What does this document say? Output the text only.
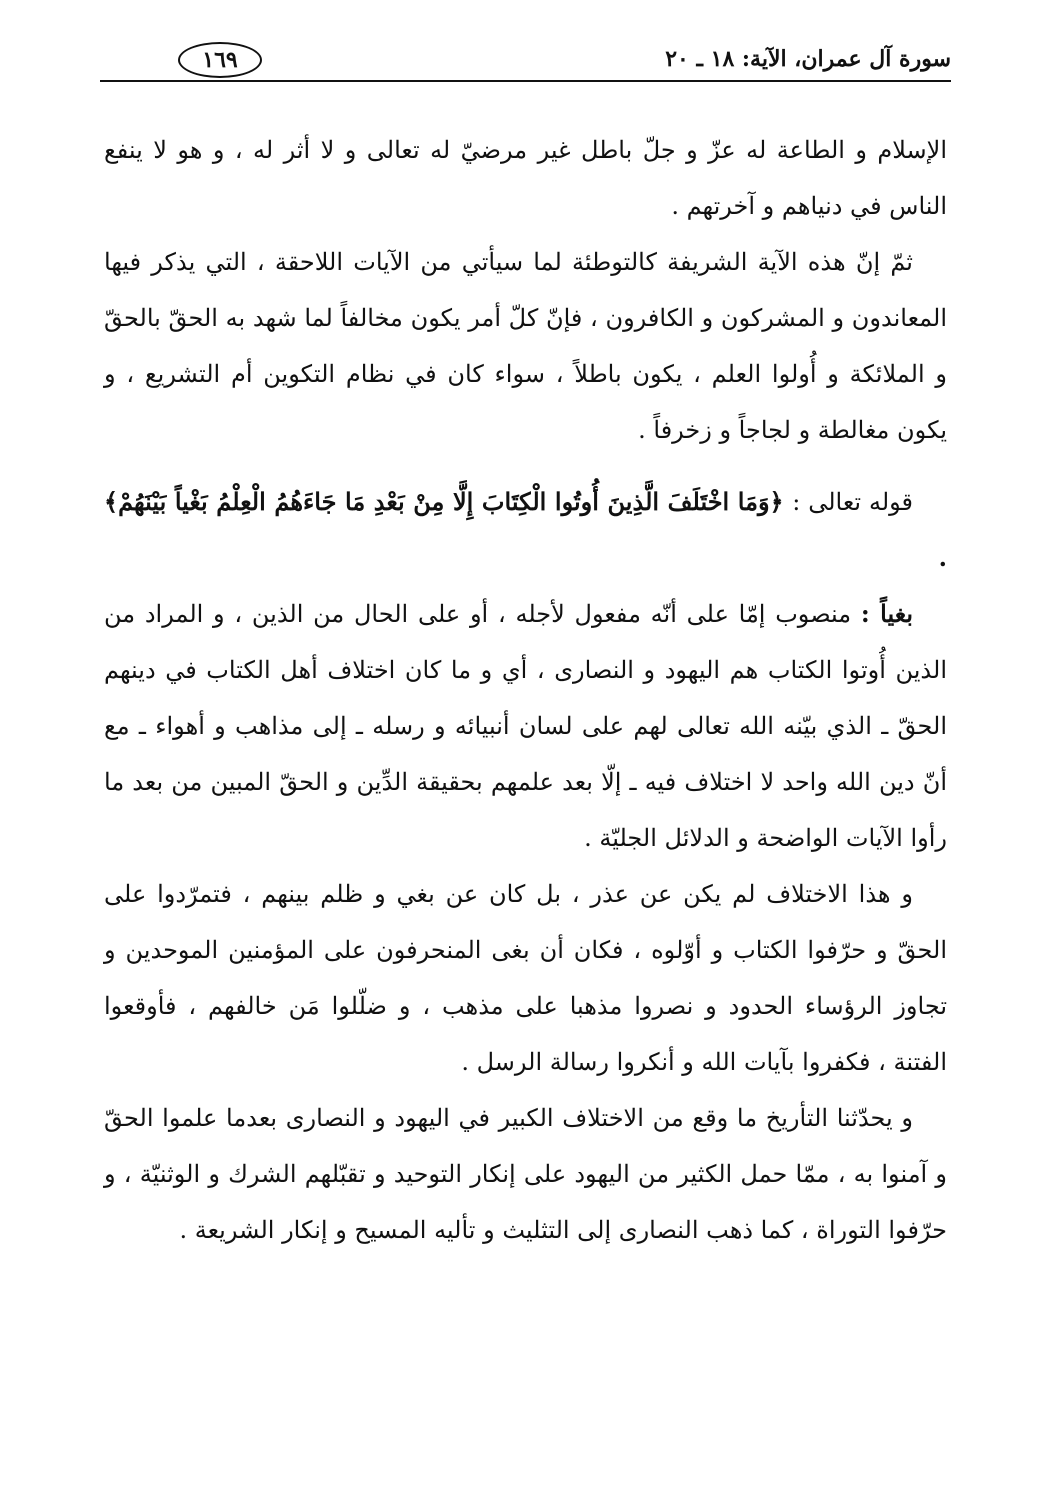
سورة آل عمران، الآية: ١٨ ـ ٢٠
١٦٩

الإسلام و الطاعة له عزّ و جلّ باطل غير مرضيّ له تعالى و لا أثر له ، و هو لا ينفع الناس في دنياهم و آخرتهم .

ثمّ إنّ هذه الآية الشريفة كالتوطئة لما سيأتي من الآيات اللاحقة ، التي يذكر فيها المعاندون و المشركون و الكافرون ، فإنّ كلّ أمر يكون مخالفاً لما شهد به الحقّ بالحقّ و الملائكة و أُولوا العلم ، يكون باطلاً ، سواء كان في نظام التكوين أم التشريع ، و يكون مغالطة و لجاجاً و زخرفاً .

قوله تعالى : ﴿وَمَا اخْتَلَفَ الَّذِينَ أُوتُوا الْكِتَابَ إِلَّا مِنْ بَعْدِ مَا جَاءَهُمُ الْعِلْمُ بَغْياً بَيْنَهُمْ﴾ .

بغياً : منصوب إمّا على أنّه مفعول لأجله ، أو على الحال من الذين ، و المراد من الذين أُوتوا الكتاب هم اليهود و النصارى ، أي و ما كان اختلاف أهل الكتاب في دينهم الحقّ ـ الذي بيّنه الله تعالى لهم على لسان أنبيائه و رسله ـ إلى مذاهب و أهواء ـ مع أنّ دين الله واحد لا اختلاف فيه ـ إلّا بعد علمهم بحقيقة الدِّين و الحقّ المبين من بعد ما رأوا الآيات الواضحة و الدلائل الجليّة .

و هذا الاختلاف لم يكن عن عذر ، بل كان عن بغي و ظلم بينهم ، فتمرّدوا على الحقّ و حرّفوا الكتاب و أوّلوه ، فكان أن بغى المنحرفون على المؤمنين الموحدين و تجاوز الرؤساء الحدود و نصروا مذهبا على مذهب ، و ضلّلوا مَن خالفهم ، فأوقعوا الفتنة ، فكفروا بآيات الله و أنكروا رسالة الرسل .

و يحدّثنا التأريخ ما وقع من الاختلاف الكبير في اليهود و النصارى بعدما علموا الحقّ و آمنوا به ، ممّا حمل الكثير من اليهود على إنكار التوحيد و تقبّلهم الشرك و الوثنيّة ، و حرّفوا التوراة ، كما ذهب النصارى إلى التثليث و تأليه المسيح و إنكار الشريعة .
